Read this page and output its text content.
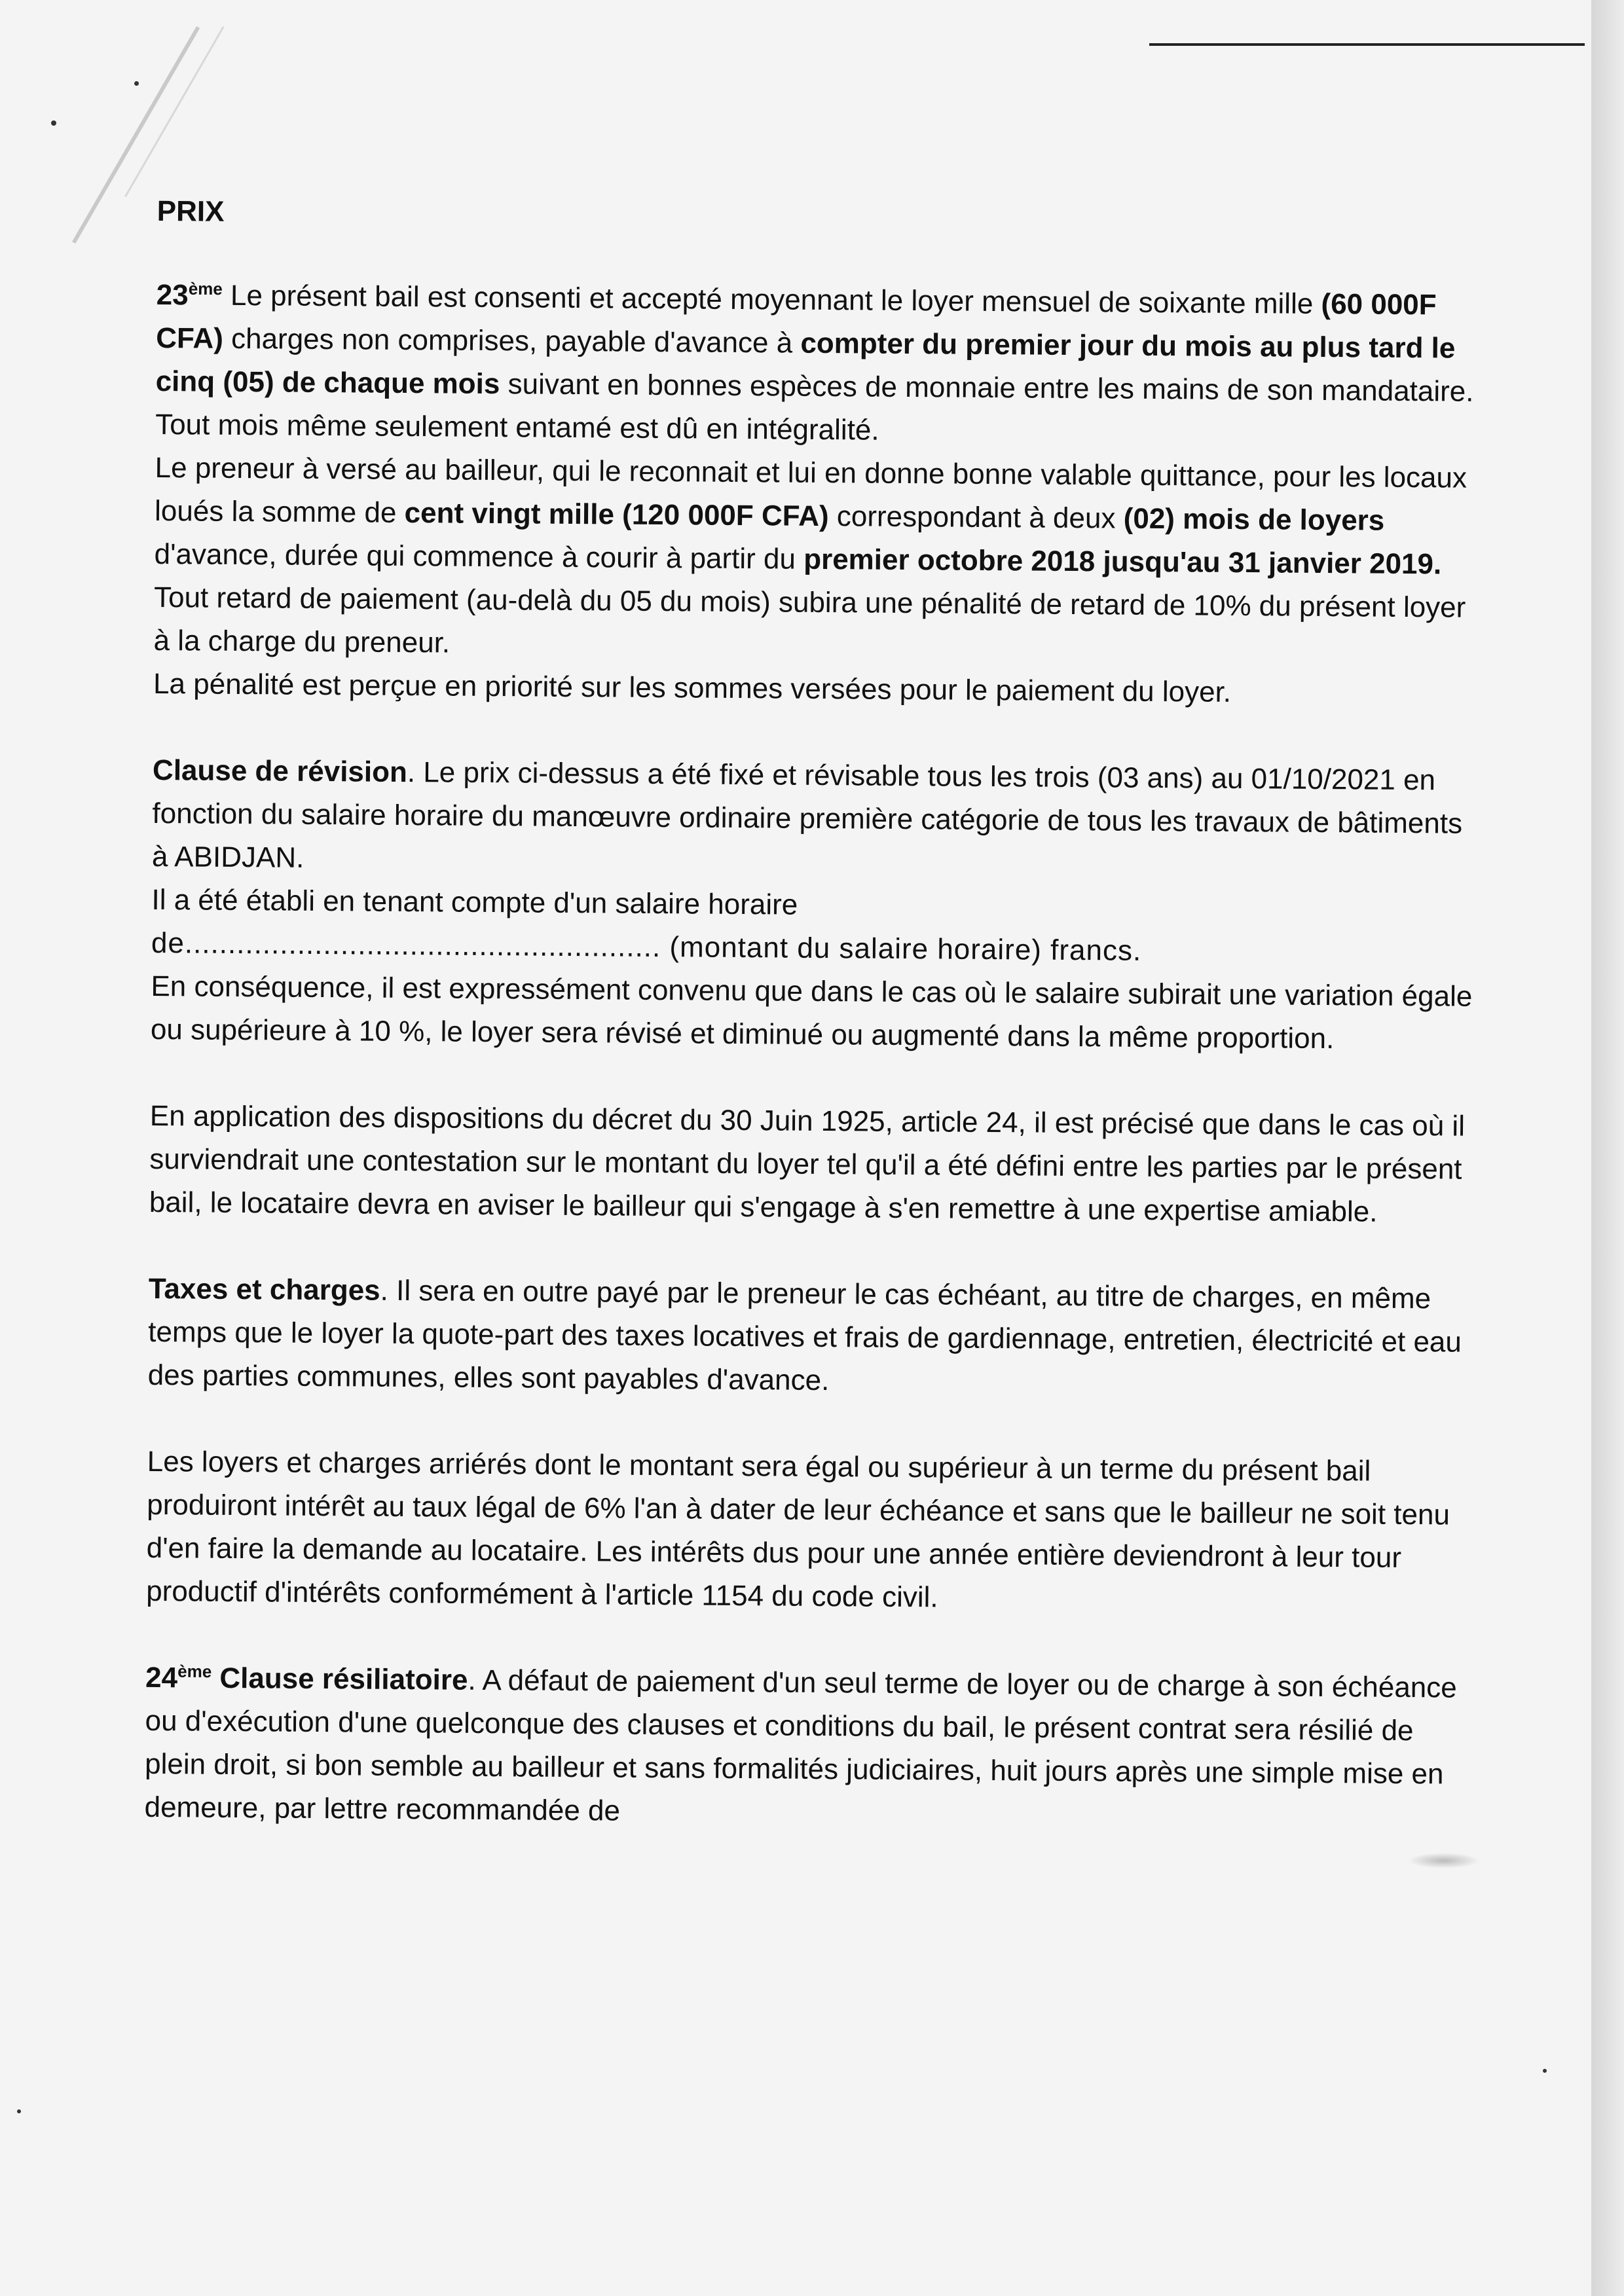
PRIX

23ème Le présent bail est consenti et accepté moyennant le loyer mensuel de soixante mille (60 000F CFA) charges non comprises, payable d'avance à compter du premier jour du mois au plus tard le cinq (05) de chaque mois suivant en bonnes espèces de monnaie entre les mains de son mandataire. Tout mois même seulement entamé est dû en intégralité.

Le preneur à versé au bailleur, qui le reconnait et lui en donne bonne valable quittance, pour les locaux loués la somme de cent vingt mille (120 000F CFA) correspondant à deux (02) mois de loyers d'avance, durée qui commence à courir à partir du premier octobre 2018 jusqu'au 31 janvier 2019.

Tout retard de paiement (au-delà du 05 du mois) subira une pénalité de retard de 10% du présent loyer à la charge du preneur.

La pénalité est perçue en priorité sur les sommes versées pour le paiement du loyer.

Clause de révision. Le prix ci-dessus a été fixé et révisable tous les trois (03 ans) au 01/10/2021 en fonction du salaire horaire du manœuvre ordinaire première catégorie de tous les travaux de bâtiments à ABIDJAN.

Il a été établi en tenant compte d'un salaire horaire

de....................................................... (montant du salaire horaire) francs.

En conséquence, il est expressément convenu que dans le cas où le salaire subirait une variation égale ou supérieure à 10 %, le loyer sera révisé et diminué ou augmenté dans la même proportion.

En application des dispositions du décret du 30 Juin 1925, article 24, il est précisé que dans le cas où il surviendrait une contestation sur le montant du loyer tel qu'il a été défini entre les parties par le présent bail, le locataire devra en aviser le bailleur qui s'engage à s'en remettre à une expertise amiable.

Taxes et charges. Il sera en outre payé par le preneur le cas échéant, au titre de charges, en même temps que le loyer la quote-part des taxes locatives et frais de gardiennage, entretien, électricité et eau des parties communes, elles sont payables d'avance.

Les loyers et charges arriérés dont le montant sera égal ou supérieur à un terme du présent bail produiront intérêt au taux légal de 6% l'an à dater de leur échéance et sans que le bailleur ne soit tenu d'en faire la demande au locataire. Les intérêts dus pour une année entière deviendront à leur tour productif d'intérêts conformément à l'article 1154 du code civil.

24ème Clause résiliatoire. A défaut de paiement d'un seul terme de loyer ou de charge à son échéance ou d'exécution d'une quelconque des clauses et conditions du bail, le présent contrat sera résilié de plein droit, si bon semble au bailleur et sans formalités judiciaires, huit jours après une simple mise en demeure, par lettre recommandée de
